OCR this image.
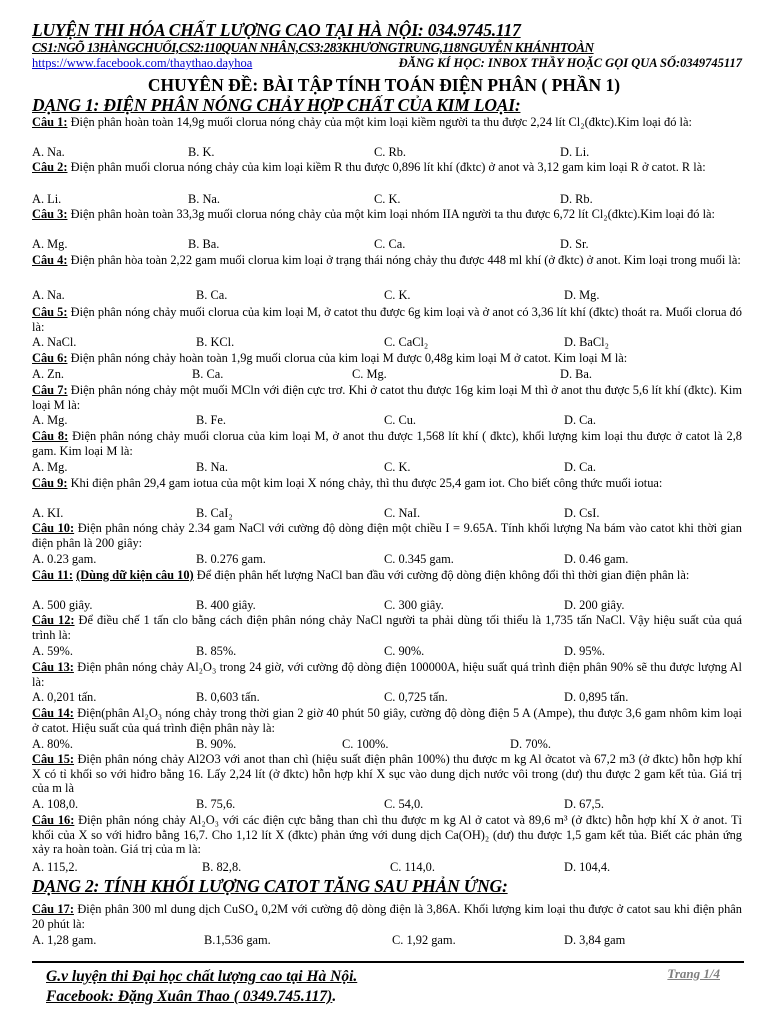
LUYỆN THI HÓA CHẤT LƯỢNG CAO TẠI HÀ NỘI: 034.9745.117
CS1:NGÕ 13HÀNGCHUỐI,CS2:110QUAN NHÂN,CS3:283KHƯƠNGTRUNG,118NGUYỄN KHÁNHTOÀN
https://www.facebook.com/thaythao.dayhoa	ĐĂNG KÍ HỌC: INBOX THẦY HOẶC GỌI QUA SỐ:0349745117
CHUYÊN ĐỀ: BÀI TẬP TÍNH TOÁN ĐIỆN PHÂN ( PHẦN 1)
DẠNG 1: ĐIỆN PHÂN NÓNG CHẢY HỢP CHẤT CỦA KIM LOẠI:
Câu 1: Điện phân hoàn toàn 14,9g muối clorua nóng chảy của một kim loại kiềm người ta thu được 2,24 lít Cl₂(đktc).Kim loại đó là:
A. Na.	B. K.	C. Rb.	D. Li.
Câu 2: Điện phân muối clorua nóng chảy của kim loại kiềm R thu được 0,896 lít khí (đktc) ở anot và 3,12 gam kim loại R ở catot. R là:
A. Li.	B. Na.	C. K.	D. Rb.
Câu 3: Điện phân hoàn toàn 33,3g muối clorua nóng chảy của một kim loại nhóm IIA người ta thu được 6,72 lít Cl₂(đktc).Kim loại đó là:
A. Mg.	B. Ba.	C. Ca.	D. Sr.
Câu 4: Điện phân hòa toàn 2,22 gam muối clorua kim loại ở trạng thái nóng chảy thu được 448 ml khí (ở đktc) ở anot. Kim loại trong muối là:
A. Na.	B. Ca.	C. K.	D. Mg.
Câu 5: Điện phân nóng chảy muối clorua của kim loại M, ở catot thu được 6g kim loại và ở anot có 3,36 lít khí (đktc) thoát ra. Muối clorua đó là:
A. NaCl.	B. KCl.	C. CaCl₂	D. BaCl₂
Câu 6: Điện phân nóng chảy hoàn toàn 1,9g muối clorua của kim loại M được 0,48g kim loại M ở catot. Kim loại M là:
A. Zn.	B. Ca.	C. Mg.	D. Ba.
Câu 7: Điện phân nóng chảy một muối MCln với điện cực trơ. Khi ở catot thu được 16g kim loại M thì ở anot thu được 5,6 lít khí (đktc). Kim loại M là:
A. Mg.	B. Fe.	C. Cu.	D. Ca.
Câu 8: Điện phân nóng chảy muối clorua của kim loại M, ở anot thu được 1,568 lít khí ( đktc), khối lượng kim loại thu được ở catot là 2,8 gam. Kim loại M là:
A. Mg.	B. Na.	C. K.	D. Ca.
Câu 9: Khi điện phân 29,4 gam iotua của một kim loại X nóng chảy, thì thu được 25,4 gam iot. Cho biết công thức muối iotua:
A. KI.	B. CaI₂	C. NaI.	D. CsI.
Câu 10: Điện phân nóng chảy 2.34 gam NaCl với cường độ dòng điện một chiều I = 9.65A. Tính khối lượng Na bám vào catot khi thời gian điện phân là 200 giây:
A. 0.23 gam.	B. 0.276 gam.	C. 0.345 gam.	D. 0.46 gam.
Câu 11: (Dùng dữ kiện câu 10) Để điện phân hết lượng NaCl ban đầu với cường độ dòng điện không đổi thì thời gian điện phân là:
A. 500 giây.	B. 400 giây.	C. 300 giây.	D. 200 giây.
Câu 12: Để điều chế 1 tấn clo bằng cách điện phân nóng chảy NaCl người ta phải dùng tối thiểu là 1,735 tấn NaCl. Vậy hiệu suất của quá trình là:
A. 59%.	B. 85%.	C. 90%.	D. 95%.
Câu 13: Điện phân nóng chảy Al₂O₃ trong 24 giờ, với cường độ dòng điện 100000A, hiệu suất quá trình điện phân 90% sẽ thu được lượng Al là:
A. 0,201 tấn.	B. 0,603 tấn.	C. 0,725 tấn.	D. 0,895 tấn.
Câu 14: Điện(phân Al₂O₃ nóng chảy trong thời gian 2 giờ 40 phút 50 giây, cường độ dòng điện 5 A (Ampe), thu được 3,6 gam nhôm kim loại ở catot. Hiệu suất của quá trình điện phân này là:
A. 80%.	B. 90%.	C. 100%.	D. 70%.
Câu 15: Điện phân nóng chảy Al2O3 với anot than chì (hiệu suất điện phân 100%) thu được m kg Al ởcatot và 67,2 m3 (ở đktc) hỗn hợp khí X có tỉ khối so với hiđro bằng 16. Lấy 2,24 lít (ở đktc) hỗn hợp khí X sục vào dung dịch nước vôi trong (dư) thu được 2 gam kết tủa. Giá trị của m là
A. 108,0.	B. 75,6.	C. 54,0.	D. 67,5.
Câu 16: Điện phân nóng chảy Al₂O₃ với các điện cực bằng than chì thu được m kg Al ở catot và 89,6 m³ (ở đktc) hỗn hợp khí X ở anot. Tỉ khối của X so với hiđro bằng 16,7. Cho 1,12 lít X (đktc) phản ứng với dung dịch Ca(OH)₂ (dư) thu được 1,5 gam kết tủa. Biết các phản ứng xảy ra hoàn toàn. Giá trị của m là:
A. 115,2.	B. 82,8.	C. 114,0.	D. 104,4.
DẠNG 2: TÍNH KHỐI LƯỢNG CATOT TĂNG SAU PHẢN ỨNG:
Câu 17: Điện phân 300 ml dung dịch CuSO₄ 0,2M với cường độ dòng điện là 3,86A. Khối lượng kim loại thu được ở catot sau khi điện phân 20 phút là:
A. 1,28 gam.	B.1,536 gam.	C. 1,92 gam.	D. 3,84 gam
G.v luyện thi Đại học chất lượng cao tại Hà Nội.
Facebook: Đặng Xuân Thao ( 0349.745.117).
Trang 1/4
